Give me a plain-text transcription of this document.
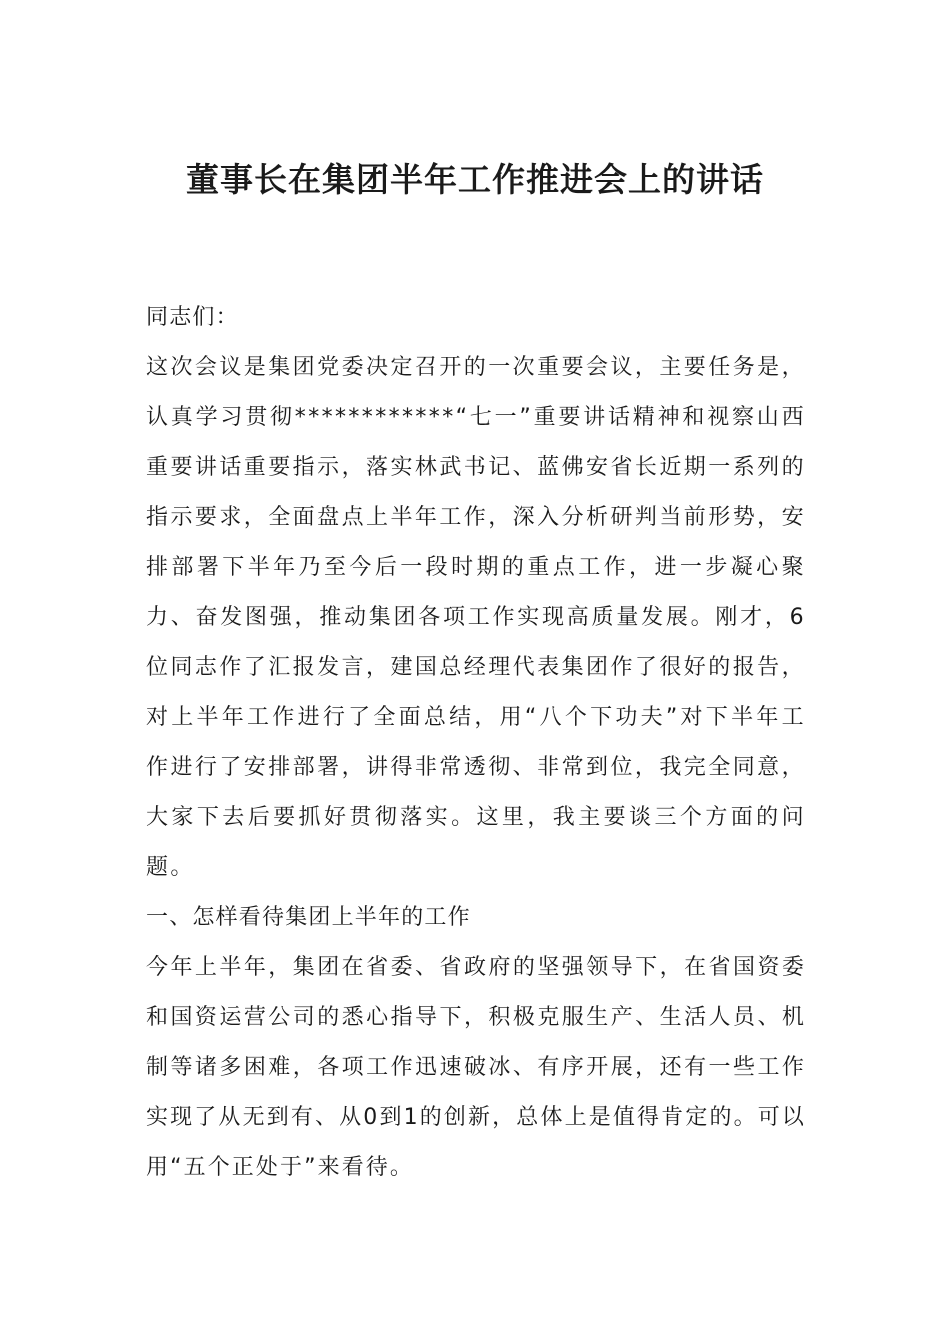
董事长在集团半年工作推进会上的讲话

同志们：

这次会议是集团党委决定召开的一次重要会议，主要任务是，认真学习贯彻************“七一”重要讲话精神和视察山西重要讲话重要指示，落实林武书记、蓝佛安省长近期一系列的指示要求，全面盘点上半年工作，深入分析研判当前形势，安排部署下半年乃至今后一段时期的重点工作，进一步凝心聚力、奋发图强，推动集团各项工作实现高质量发展。刚才，6位同志作了汇报发言，建国总经理代表集团作了很好的报告，对上半年工作进行了全面总结，用“八个下功夫”对下半年工作进行了安排部署，讲得非常透彻、非常到位，我完全同意，大家下去后要抓好贯彻落实。这里，我主要谈三个方面的问题。

一、怎样看待集团上半年的工作

今年上半年，集团在省委、省政府的坚强领导下，在省国资委和国资运营公司的悉心指导下，积极克服生产、生活人员、机制等诸多困难，各项工作迅速破冰、有序开展，还有一些工作实现了从无到有、从0到1的创新，总体上是值得肯定的。可以用“五个正处于”来看待。
